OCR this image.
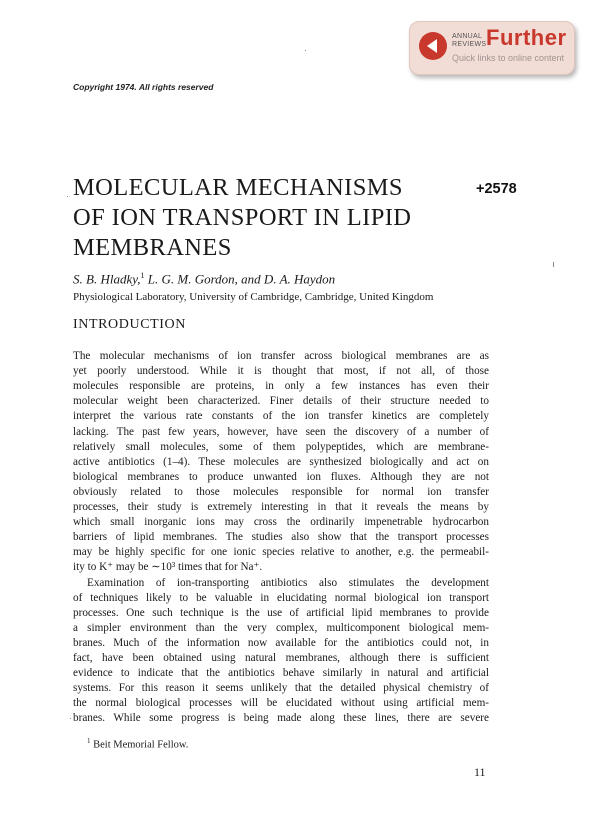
ANNUAL
REVIEWS Further
Quick links to online content
Copyright 1974. All rights reserved
MOLECULAR MECHANISMS
OF ION TRANSPORT IN LIPID
MEMBRANES
+2578
S. B. Hladky,$^1$ L. G. M. Gordon, and D. A. Haydon
Physiological Laboratory, University of Cambridge, Cambridge, United Kingdom
INTRODUCTION
The molecular mechanisms of ion transfer across biological membranes are as
yet poorly understood. While it is thought that most, if not all, of those
molecules responsible are proteins, in only a few instances has even their
molecular weight been characterized. Finer details of their structure needed to
interpret the various rate constants of the ion transfer kinetics are completely
lacking. The past few years, however, have seen the discovery of a number of
relatively small molecules, some of them polypeptides, which are membrane-
active antibiotics (1–4). These molecules are synthesized biologically and act on
biological membranes to produce unwanted ion fluxes. Although they are not
obviously related to those molecules responsible for normal ion transfer
processes, their study is extremely interesting in that it reveals the means by
which small inorganic ions may cross the ordinarily impenetrable hydrocarbon
barriers of lipid membranes. The studies also show that the transport processes
may be highly specific for one ionic species relative to another, e.g. the permeabil-
ity to K⁺ may be ∼10³ times that for Na⁺.
Examination of ion-transporting antibiotics also stimulates the development
of techniques likely to be valuable in elucidating normal biological ion transport
processes. One such technique is the use of artificial lipid membranes to provide
a simpler environment than the very complex, multicomponent biological mem-
branes. Much of the information now available for the antibiotics could not, in
fact, have been obtained using natural membranes, although there is sufficient
evidence to indicate that the antibiotics behave similarly in natural and artificial
systems. For this reason it seems unlikely that the detailed physical chemistry of
the normal biological processes will be elucidated without using artificial mem-
branes. While some progress is being made along these lines, there are severe
$^1$ Beit Memorial Fellow.
11
